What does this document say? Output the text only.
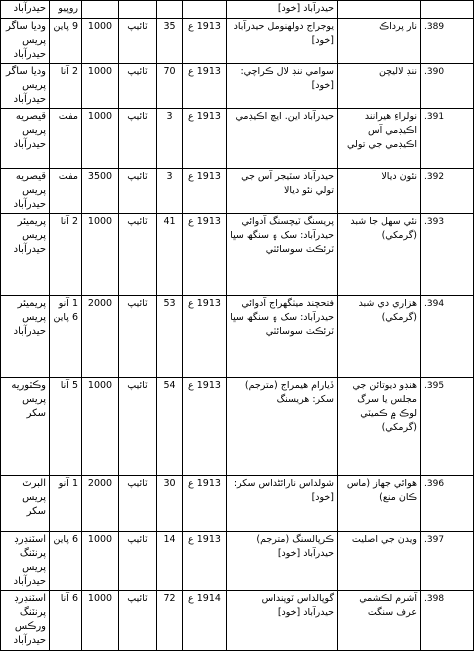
		حيدرآباد [خود]					روپيو	حيدرآباد
.389	نار پرداڪ	يوجراج دولهنومل حيدرآباد [خود]	1913 ع	35	ٽائيپ	1000	9 پاين	وديا ساگر پريس حيدرآباد
.390	ننڊ لاليچن	سوامي ننڊ لال ڪراچي: [خود]	1913 ع	70	ٽائيپ	1000	2 آنا	وديا ساگر پريس حيدرآباد
.391	نولراءِ هيرانند اڪيڊمي آس اڪيڊمي جي تولي	حيدرآباد اين. ايچ اڪيڊمي	1913 ع	3	ٽائيپ	1000	مفت	قيصريه پريس حيدرآباد
.392	نئون ديالا	حيدرآباد سٽيجر آس جي تولي نئو ديالا	1913 ع	3	ٽائيپ	3500	مفت	قيصريه پريس حيدرآباد
.393	نئي سهل جا شبد (گرمکي)	پريسنگ ٽيچسنگ آدوائي حيدرآباد: سک ۽ سنگھ سڀا ٽرئڪٽ سوسائٽي	1913 ع	41	ٽائيپ	1000	2 آنا	پريميئر پريس حيدرآباد
.394	هزاري دي شبد (گرمکي)	فتحچند ميٺگهراج آدوائي حيدرآباد: سک ۽ سنگھ سڀا ٽرئڪٽ سوسائٽي	1913 ع	53	ٽائيپ	2000	1 آنو 6 پاين	پريميئر پريس حيدرآباد
.395	هنڊو ديوتائن جي مجلس يا سرگ لوڪ ۾ ڪميٽي (گرمکي)	ڏيارام هيمراج (مترجم) سکر: هريسنگ	1913 ع	54	ٽائيپ	1000	5 آنا	وڪٽوريه پريس سکر
.396	هوائي جهاز (ماس ڪان منع)	شولداس نارائڻداس سکر: [خود]	1913 ع	30	ٽائيپ	2000	1 آنو	البرٽ پريس سکر
.397	ويدن جي اصليت	ڪرپالسنگ (مترجم) حيدرآباد [خود]	1913 ع	14	ٽائيپ	1000	6 پاين	اسٽنڊرڊ پرنٽنگ پريس حيدرآباد
.398	آشرم لڪشمي عرف سنگت	گوپالداس ٽوپنداس حيدرآباد [خود]	1914 ع	72	ٽائيپ	1000	6 آنا	اسٽنڊرڊ پرنٽنگ ورڪس حيدرآباد
